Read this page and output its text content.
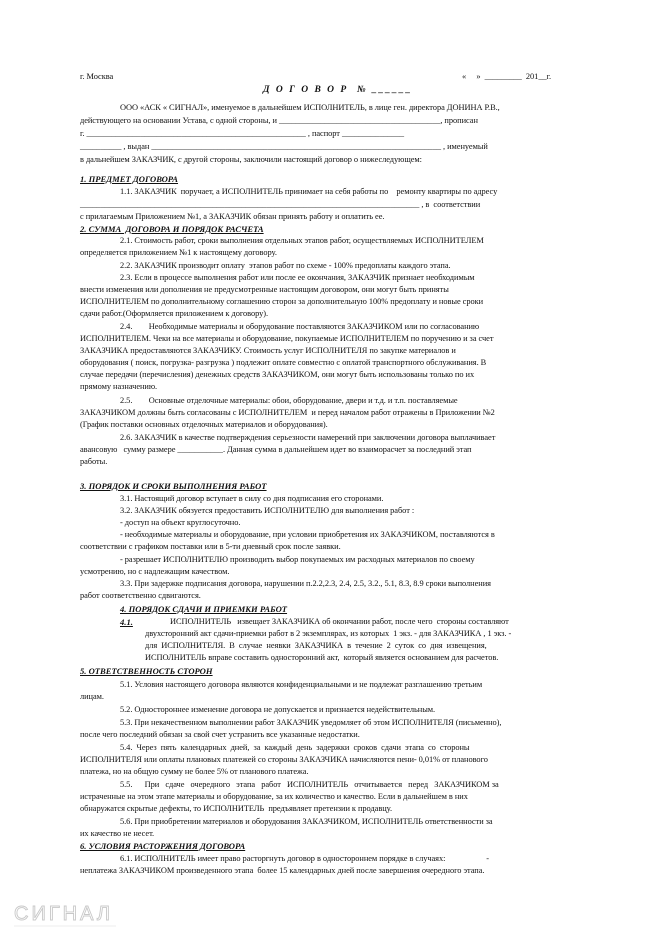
г. Москва	«     »  _________  201__г.
Д О Г О В О Р  № ______
ООО «АСК « СИГНАЛ», именуемое в дальнейшем ИСПОЛНИТЕЛЬ, в лице ген. директора ДОНИНА Р.В.,
действующего на основании Устава, с одной стороны, и _______________________________________, прописан
г. _____________________________________________________ , паспорт _______________
__________ , выдан ______________________________________________________________________ , именуемый
в дальнейшем ЗАКАЗЧИК, с другой стороны, заключили настоящий договор о нижеследующем:
1. ПРЕДМЕТ ДОГОВОРА
1.1. ЗАКАЗЧИК  поручает, а ИСПОЛНИТЕЛЬ принимает на себя работы по    ремонту квартиры по адресу
__________________________________________________________________________________ , в  соответствии
с прилагаемым Приложением №1, а ЗАКАЗЧИК обязан принять работу и оплатить ее.
2. СУММА  ДОГОВОРА И ПОРЯДОК РАСЧЕТА
2.1. Стоимость работ, сроки выполнения отдельных этапов работ, осуществляемых ИСПОЛНИТЕЛЕМ
определяется приложением №1 к настоящему договору.
2.2. ЗАКАЗЧИК производит оплату  этапов работ по схеме - 100% предоплаты каждого этапа.
2.3. Если в процессе выполнения работ или после ее окончания, ЗАКАЗЧИК признает необходимым
внести изменения или дополнения не предусмотренные настоящим договором, они могут быть приняты
ИСПОЛНИТЕЛЕМ по дополнительному соглашению сторон за дополнительную 100% предоплату и новые сроки
сдачи работ.(Оформляется приложением к договору).
2.4.        Необходимые материалы и оборудование поставляются ЗАКАЗЧИКОМ или по согласованию
ИСПОЛНИТЕЛЕМ. Чеки на все материалы и оборудование, покупаемые ИСПОЛНИТЕЛЕМ по поручению и за счет
ЗАКАЗЧИКА предоставляются ЗАКАЗЧИКУ. Стоимость услуг ИСПОЛНИТЕЛЯ по закупке материалов и
оборудования ( поиск, погрузка- разгрузка ) подлежит оплате совместно с оплатой транспортного обслуживания. В
случае передачи (перечисления) денежных средств ЗАКАЗЧИКОМ, они могут быть использованы только по их
прямому назначению.
2.5.        Основные отделочные материалы: обои, оборудование, двери и т.д. и т.п. поставляемые
ЗАКАЗЧИКОМ должны быть согласованы с ИСПОЛНИТЕЛЕМ  и перед началом работ отражены в Приложении №2
(График поставки основных отделочных материалов и оборудования).
2.6. ЗАКАЗЧИК в качестве подтверждения серьезности намерений при заключении договора выплачивает
авансовую   сумму размере ___________. Данная сумма в дальнейшем идет во взаиморасчет за последний этап
работы.
3. ПОРЯДОК И СРОКИ ВЫПОЛНЕНИЯ РАБОТ
3.1. Настоящий договор вступает в силу со дня подписания его сторонами.
3.2. ЗАКАЗЧИК обязуется предоставить ИСПОЛНИТЕЛЮ для выполнения работ :
- доступ на объект круглосуточно.
- необходимые материалы и оборудование, при условии приобретения их ЗАКАЗЧИКОМ, поставляются в
соответствии с графиком поставки или в 5-ти дневный срок после заявки.
- разрешает ИСПОЛНИТЕЛЮ производить выбор покупаемых им расходных материалов по своему
усмотрению, но с надлежащим качеством.
3.3. При задержке подписания договора, нарушении п.2.2,2.3, 2.4, 2.5, 3.2., 5.1, 8.3, 8.9 сроки выполнения
работ соответственно сдвигаются.
4. ПОРЯДОК СДАЧИ И ПРИЕМКИ РАБОТ
4.1.	ИСПОЛНИТЕЛЬ   извещает ЗАКАЗЧИКА об окончании работ, после чего  стороны составляют
двухсторонний акт сдачи-приемки работ в 2 экземплярах, из которых  1 экз. - для ЗАКАЗЧИКА , 1 экз. -
для  ИСПОЛНИТЕЛЯ.  В  случае  неявки  ЗАКАЗЧИКА  в  течение  2  суток  со  дня  извещения,
ИСПОЛНИТЕЛЬ вправе составить односторонний акт,  который является основанием для расчетов.
5. ОТВЕТСТВЕННОСТЬ СТОРОН
5.1. Условия настоящего договора являются конфиденциальными и не подлежат разглашению третьим
лицам.
5.2. Одностороннее изменение договора не допускается и признается недействительным.
5.3. При некачественном выполнении работ ЗАКАЗЧИК уведомляет об этом ИСПОЛНИТЕЛЯ (письменно),
после чего последний обязан за свой счет устранить все указанные недостатки.
5.4.  Через  пять  календарных  дней,  за  каждый  день  задержки  сроков  сдачи  этапа  со  стороны
ИСПОЛНИТЕЛЯ или оплаты плановых платежей со стороны ЗАКАЗЧИКА начисляются пени- 0,01% от планового
платежа, но на общую сумму не более 5% от планового платежа.
5.5.      При   сдаче   очередного   этапа   работ   ИСПОЛНИТЕЛЬ   отчитывается   перед   ЗАКАЗЧИКОМ за
истраченные на этом этапе материалы и оборудование, за их количество и качество. Если в дальнейшем в них
обнаружатся скрытые дефекты, то ИСПОЛНИТЕЛЬ  предъявляет претензии к продавцу.
5.6. При приобретении материалов и оборудования ЗАКАЗЧИКОМ, ИСПОЛНИТЕЛЬ ответственности за
их качество не несет.
6. УСЛОВИЯ РАСТОРЖЕНИЯ ДОГОВОРА
6.1. ИСПОЛНИТЕЛЬ имеет право расторгнуть договор в одностороннем порядке в случаях:                    -
неплатежа ЗАКАЗЧИКОМ произведенного этапа  более 15 календарных дней после завершения очередного этапа.
СИГНАЛ
